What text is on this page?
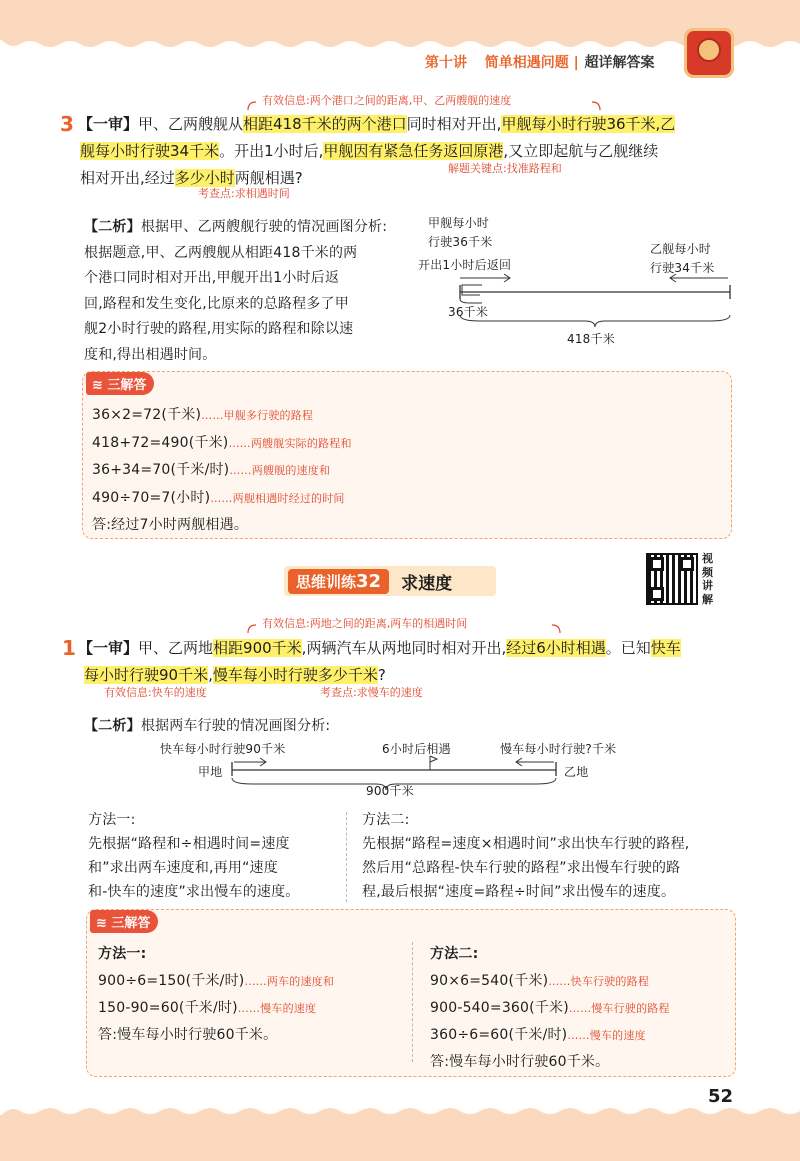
第十讲 简单相遇问题 | 超详解答案
有效信息:两个港口之间的距离,甲、乙两艘舰的速度
3 【一审】甲、乙两艘舰从相距418千米的两个港口同时相对开出,甲舰每小时行驶36千米,乙
舰每小时行驶34千米。开出1小时后,甲舰因有紧急任务返回原港,又立即起航与乙舰继续
解题关键点:找准路程和
相对开出,经过多少小时两舰相遇?
考查点:求相遇时间
【二析】根据甲、乙两艘舰行驶的情况画图分析:
根据题意,甲、乙两艘舰从相距418千米的两
个港口同时相对开出,甲舰开出1小时后返
回,路程和发生变化,比原来的总路程多了甲
舰2小时行驶的路程,用实际的路程和除以速
度和,得出相遇时间。
甲舰每小时
行驶36千米
开出1小时后返回
乙舰每小时
行驶34千米
36千米
418千米
≋ 三解答
36×2=72(千米)……甲舰多行驶的路程
418+72=490(千米)……两艘舰实际的路程和
36+34=70(千米/时)……两艘舰的速度和
490÷70=7(小时)……两舰相遇时经过的时间
答:经过7小时两舰相遇。
思维训练32	求速度
视频讲解
有效信息:两地之间的距离,两车的相遇时间
1 【一审】甲、乙两地相距900千米,两辆汽车从两地同时相对开出,经过6小时相遇。已知快车
每小时行驶90千米,慢车每小时行驶多少千米?
有效信息:快车的速度	考查点:求慢车的速度
【二析】根据两车行驶的情况画图分析:
快车每小时行驶90千米	6小时后相遇	慢车每小时行驶?千米
甲地	乙地
900千米
方法一:
先根据“路程和÷相遇时间=速度
和”求出两车速度和,再用“速度
和-快车的速度”求出慢车的速度。
方法二:
先根据“路程=速度×相遇时间”求出快车行驶的路程,
然后用“总路程-快车行驶的路程”求出慢车行驶的路
程,最后根据“速度=路程÷时间”求出慢车的速度。
≋ 三解答
方法一:
900÷6=150(千米/时)……两车的速度和
150-90=60(千米/时)……慢车的速度
答:慢车每小时行驶60千米。
方法二:
90×6=540(千米)……快车行驶的路程
900-540=360(千米)……慢车行驶的路程
360÷6=60(千米/时)……慢车的速度
答:慢车每小时行驶60千米。
52
